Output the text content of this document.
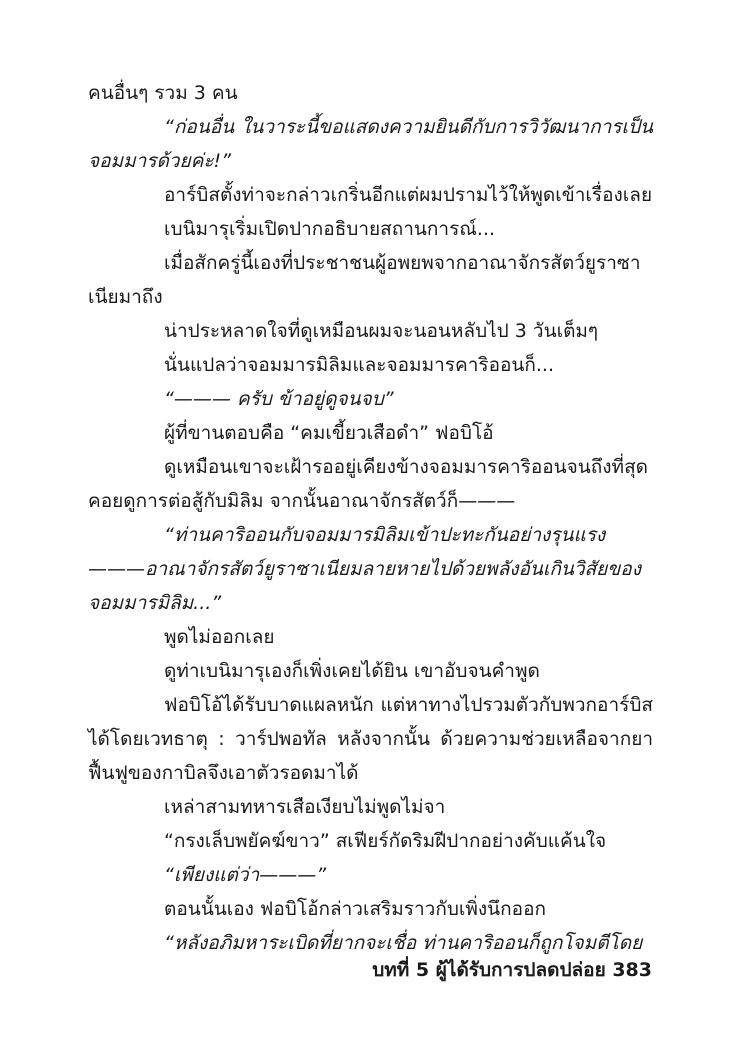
คนอื่นๆ รวม 3 คน

“ก่อนอื่น ในวาระนี้ขอแสดงความยินดีกับการวิวัฒนาการเป็นจอมมารด้วยค่ะ!”

อาร์บิสตั้งท่าจะกล่าวเกริ่นอีกแต่ผมปรามไว้ให้พูดเข้าเรื่องเลย

เบนิมารุเริ่มเปิดปากอธิบายสถานการณ์...

เมื่อสักครู่นี้เองที่ประชาชนผู้อพยพจากอาณาจักรสัตว์ยูราซาเนียมาถึง

น่าประหลาดใจที่ดูเหมือนผมจะนอนหลับไป 3 วันเต็มๆ

นั่นแปลว่าจอมมารมิลิมและจอมมารคาริออนก็...

“——— ครับ ข้าอยู่ดูจนจบ”

ผู้ที่ขานตอบคือ “คมเขี้ยวเสือดำ” ฟอบิโอ้

ดูเหมือนเขาจะเฝ้ารออยู่เคียงข้างจอมมารคาริออนจนถึงที่สุดคอยดูการต่อสู้กับมิลิม จากนั้นอาณาจักรสัตว์ก็———

“ท่านคาริออนกับจอมมารมิลิมเข้าปะทะกันอย่างรุนแรง———อาณาจักรสัตว์ยูราซาเนียมลายหายไปด้วยพลังอันเกินวิสัยของจอมมารมิลิม...”

พูดไม่ออกเลย

ดูท่าเบนิมารุเองก็เพิ่งเคยได้ยิน เขาอับจนคำพูด

ฟอบิโอ้ได้รับบาดแผลหนัก แต่หาทางไปรวมตัวกับพวกอาร์บิสได้โดยเวทธาตุ : วาร์ปพอทัล หลังจากนั้น ด้วยความช่วยเหลือจากยาฟื้นฟูของกาบิลจึงเอาตัวรอดมาได้

เหล่าสามทหารเสือเงียบไม่พูดไม่จา

“กรงเล็บพยัคฆ์ขาว” สเฟียร์กัดริมฝีปากอย่างคับแค้นใจ

“เพียงแต่ว่า———”

ตอนนั้นเอง ฟอบิโอ้กล่าวเสริมราวกับเพิ่งนึกออก

“หลังอภิมหาระเบิดที่ยากจะเชื่อ ท่านคาริออนก็ถูกโจมตีโดย

บทที่ 5 ผู้ได้รับการปลดปล่อย 383
